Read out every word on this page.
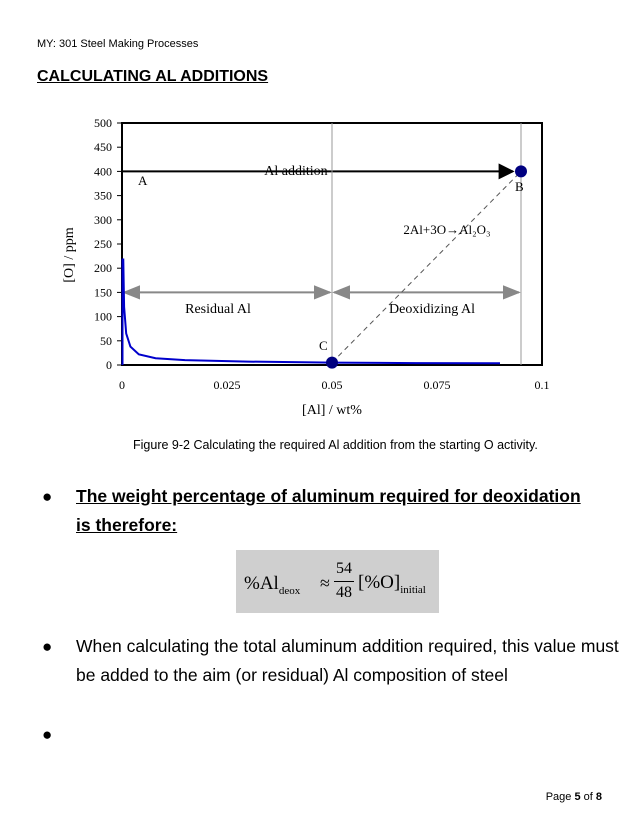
MY: 301 Steel Making Processes
CALCULATING AL ADDITIONS
0
50
100
150
200
250
300
350
400
450
500
0	0.025	0.05	0.075	0.1
[O] / ppm
[Al] / wt%
A	B
C
Al addition
Residual Al	Deoxidizing Al
2Al+3O→Al₂O₃
Figure 9-2 Calculating the required Al addition from the starting O activity.
● The weight percentage of aluminum required for deoxidation is therefore:
● When calculating the total aluminum addition required, this value must be added to the aim (or residual) Al composition of steel
●
$\%Al_{deox}$ ≈
54
48 $[\%O]_{initial}$
Page 5 of 8
